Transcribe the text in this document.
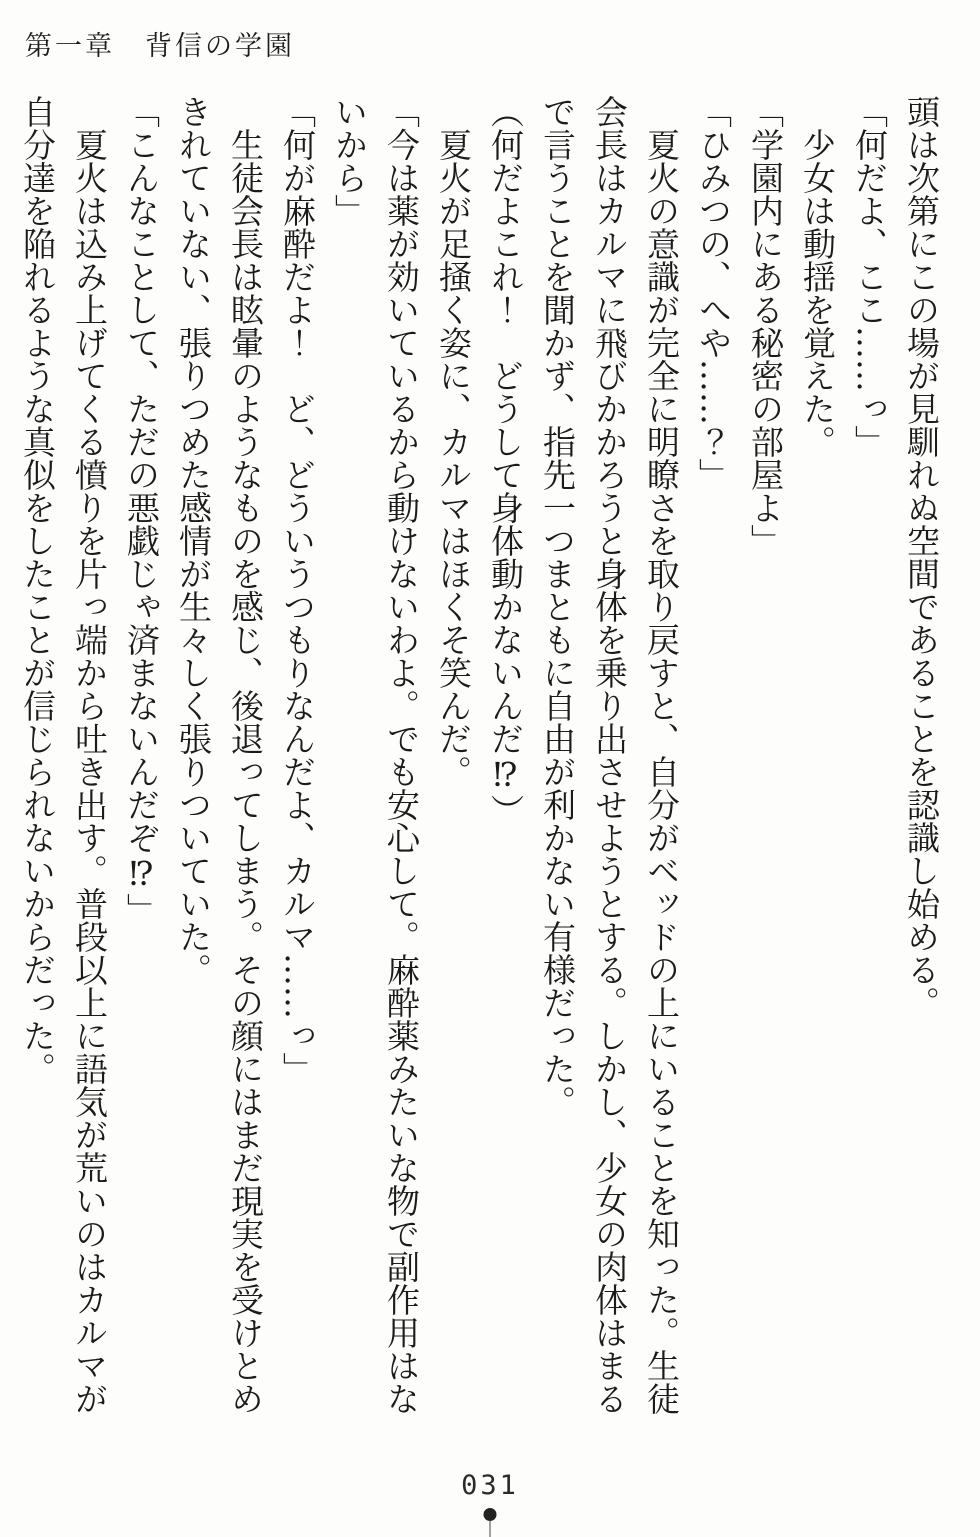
第一章　背信の学園

頭は次第にこの場が見馴れぬ空間であることを認識し始める。

「何だよ、ここ……っ」

　少女は動揺を覚えた。

「学園内にある秘密の部屋よ」

「ひみつの、へや……？」

　夏火の意識が完全に明瞭さを取り戻すと、自分がベッドの上にいることを知った。生徒会長はカルマに飛びかかろうと身体を乗り出させようとする。しかし、少女の肉体はまるで言うことを聞かず、指先一つまともに自由が利かない有様だった。

（何だよこれ！　どうして身体動かないんだ⁉）

　夏火が足掻く姿に、カルマはほくそ笑んだ。

「今は薬が効いているから動けないわよ。でも安心して。麻酔薬みたいな物で副作用はないから」

「何が麻酔だよ！　ど、どういうつもりなんだよ、カルマ……っ」

　生徒会長は眩暈のようなものを感じ、後退ってしまう。その顔にはまだ現実を受けとめきれていない、張りつめた感情が生々しく張りついていた。

「こんなことして、ただの悪戯じゃ済まないんだぞ⁉」

　夏火は込み上げてくる憤りを片っ端から吐き出す。普段以上に語気が荒いのはカルマが自分達を陥れるような真似をしたことが信じられないからだった。

031
